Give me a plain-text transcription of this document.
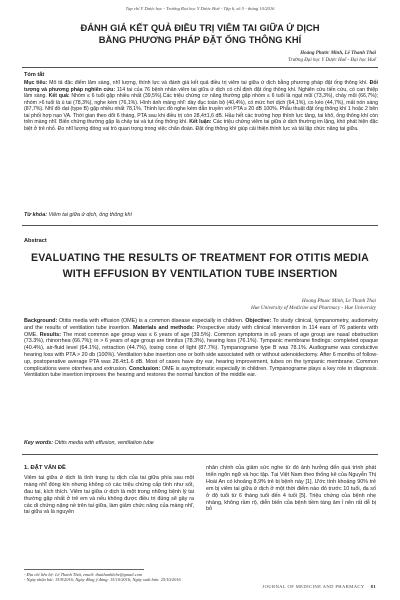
Tạp chí Y Dược học - Trường Đại học Y Dược Huế - Tập 6, số 5 - tháng 10/2016
ĐÁNH GIÁ KẾT QUẢ ĐIỀU TRỊ VIÊM TAI GIỮA Ứ DỊCH
BẰNG PHƯƠNG PHÁP ĐẶT ỐNG THÔNG KHÍ
Hoàng Phước Minh, Lê Thanh Thái
Trường Đại học Y Dược Huế - Đại học Huế
Tóm tắt
Mục tiêu: Mô tả đặc điểm lâm sàng, nhĩ lượng, thính lực và đánh giá kết quả điều trị viêm tai giữa ứ dịch bằng phương pháp đặt ống thông khí. Đối tượng và phương pháp nghiên cứu: 114 tai của 76 bệnh nhân viêm tai giữa ứ dịch có chỉ định đặt ống thông khí. Nghiên cứu tiến cứu, có can thiệp lâm sàng. Kết quả: Nhóm ≤ 6 tuổi gặp nhiều nhất (39,5%).Các triệu chứng cơ năng thường gặp nhóm ≤ 6 tuổi là ngạt mũi (73,3%), chảy mũi (66,7%); nhóm >6 tuổi là ù tai (78,3%), nghe kém (76,1%). Hình ảnh màng nhĩ: dày đục toàn bộ (40,4%), có mức hơi dịch (64,1%), co kéo (44,7%), mất nón sáng (87,7%). Nhĩ đồ dạt (type B) gặp nhiều nhất 78,1%. Thính lực đồ nghe kém dẫn truyền với PTA ≥ 20 dB 100%. Phẫu thuật đặt ống thông khí 1 hoặc 2 bên tai phối hợp nạo VA. Thời gian theo dõi 6 tháng, PTA sau khi điều trị còn 28,4±1,6 dB. Hầu hết các trường hợp thính lực tăng, tai khô, ống thông khí còn trên màng nhĩ. Biến chứng thường gặp là chảy tai và tụt ống thông khí. Kết luận: Các triệu chứng viêm tai giữa ứ dịch thường im lặng, khó phát hiện đặc biệt ở trẻ nhỏ. Đo nhĩ lượng đóng vai trò quan trọng trong việc chẩn đoán. Đặt ống thông khí giúp cải thiện thính lực và tái lập chức năng tai giữa.
Từ khóa: Viêm tai giữa ứ dịch, ống thông khí
Abstract
EVALUATING THE RESULTS OF TREATMENT FOR OTITIS MEDIA
WITH EFFUSION BY VENTILATION TUBE INSERTION
Hoang Phuoc Minh, Le Thanh Thai
Hue University of Medicine and Pharmacy - Hue University
Background: Otitis media with effusion (OME) is a common disease especially in children. Objective: To study clinical, tympanometry, audiometry and the results of ventilation tube insertion. Materials and methods: Prospective study with clinical intervention in 114 ears of 76 patients with OME. Results: The most common age group was ≤ 6 years of age (39.5%). Common symptoms in ≤6 years of age group are nasal obstruction (73.3%), rhinorrhea (66.7%); in > 6 years of age group are tinnitus (78.3%), hearing loss (76.1%). Tympanic membrane findings: completed opaque (40.4%), air-fluid level (64.1%), retraction (44.7%), losing cone of light (87.7%). Tympanograme type B was 78.1%. Audiograme was conductive hearing loss with PTA > 20 db (100%). Ventilation tube insertion one or both side associated with or without adenoidectomy. After 6 months of follow-up, postoperative average PTA was 28.4±1.6 dB. Most of cases have dry ear, hearing improvement, tubes on the tympanic membrane. Common complications were otorrhea and extrusion. Conclusion: OME is asymptomatic especially in children. Tympanograme plays a key role in diagnosis. Ventilation tube insertion improves the hearing and restores the normal function of the middle ear.
Key words: Otitis media with effusion, ventilation tube
1. ĐẶT VẤN ĐỀ

Viêm tai giữa ứ dịch là tình trạng tụ dịch của tai giữa phía sau một màng nhĩ đóng kín nhưng không có các triệu chứng cấp tính như sốt, đau tai, kích thích. Viêm tai giữa ứ dịch là một trong những bệnh lý tai thường gặp nhất ở trẻ em và nếu không được điều trị đúng sẽ gây ra các di chứng nặng nề trên tai giữa, làm giảm chức năng của màng nhĩ, tai giữa và là nguyên

nhân chính của giảm sức nghe từ đó ảnh hưởng đến quá trình phát triển ngôn ngữ và học tập. Tại Việt Nam theo thống kê của Nguyễn Thị Hoài An có khoảng 8,9% trẻ bị bệnh này [1]. Ước tính khoảng 90% trẻ em bị viêm tai giữa ứ dịch ở một thời điểm nào đó trước 10 tuổi, đa số ở độ tuổi từ 6 tháng tuổi đến 4 tuổi [5]. Triệu chứng của bệnh nhẹ nhàng, không rầm rộ, diễn biến của bệnh tiềm tàng âm ỉ nên rất dễ bị bỏ

- Địa chỉ liên hệ: Lê Thanh Thái, email: thaithanhlehv@gmail.com
- Ngày nhận bài: 15/8/2016; Ngày đồng ý đăng: 15/10/2016; Ngày xuất bản: 25/10/2016
JOURNAL OF MEDICINE AND PHARMACY 81
